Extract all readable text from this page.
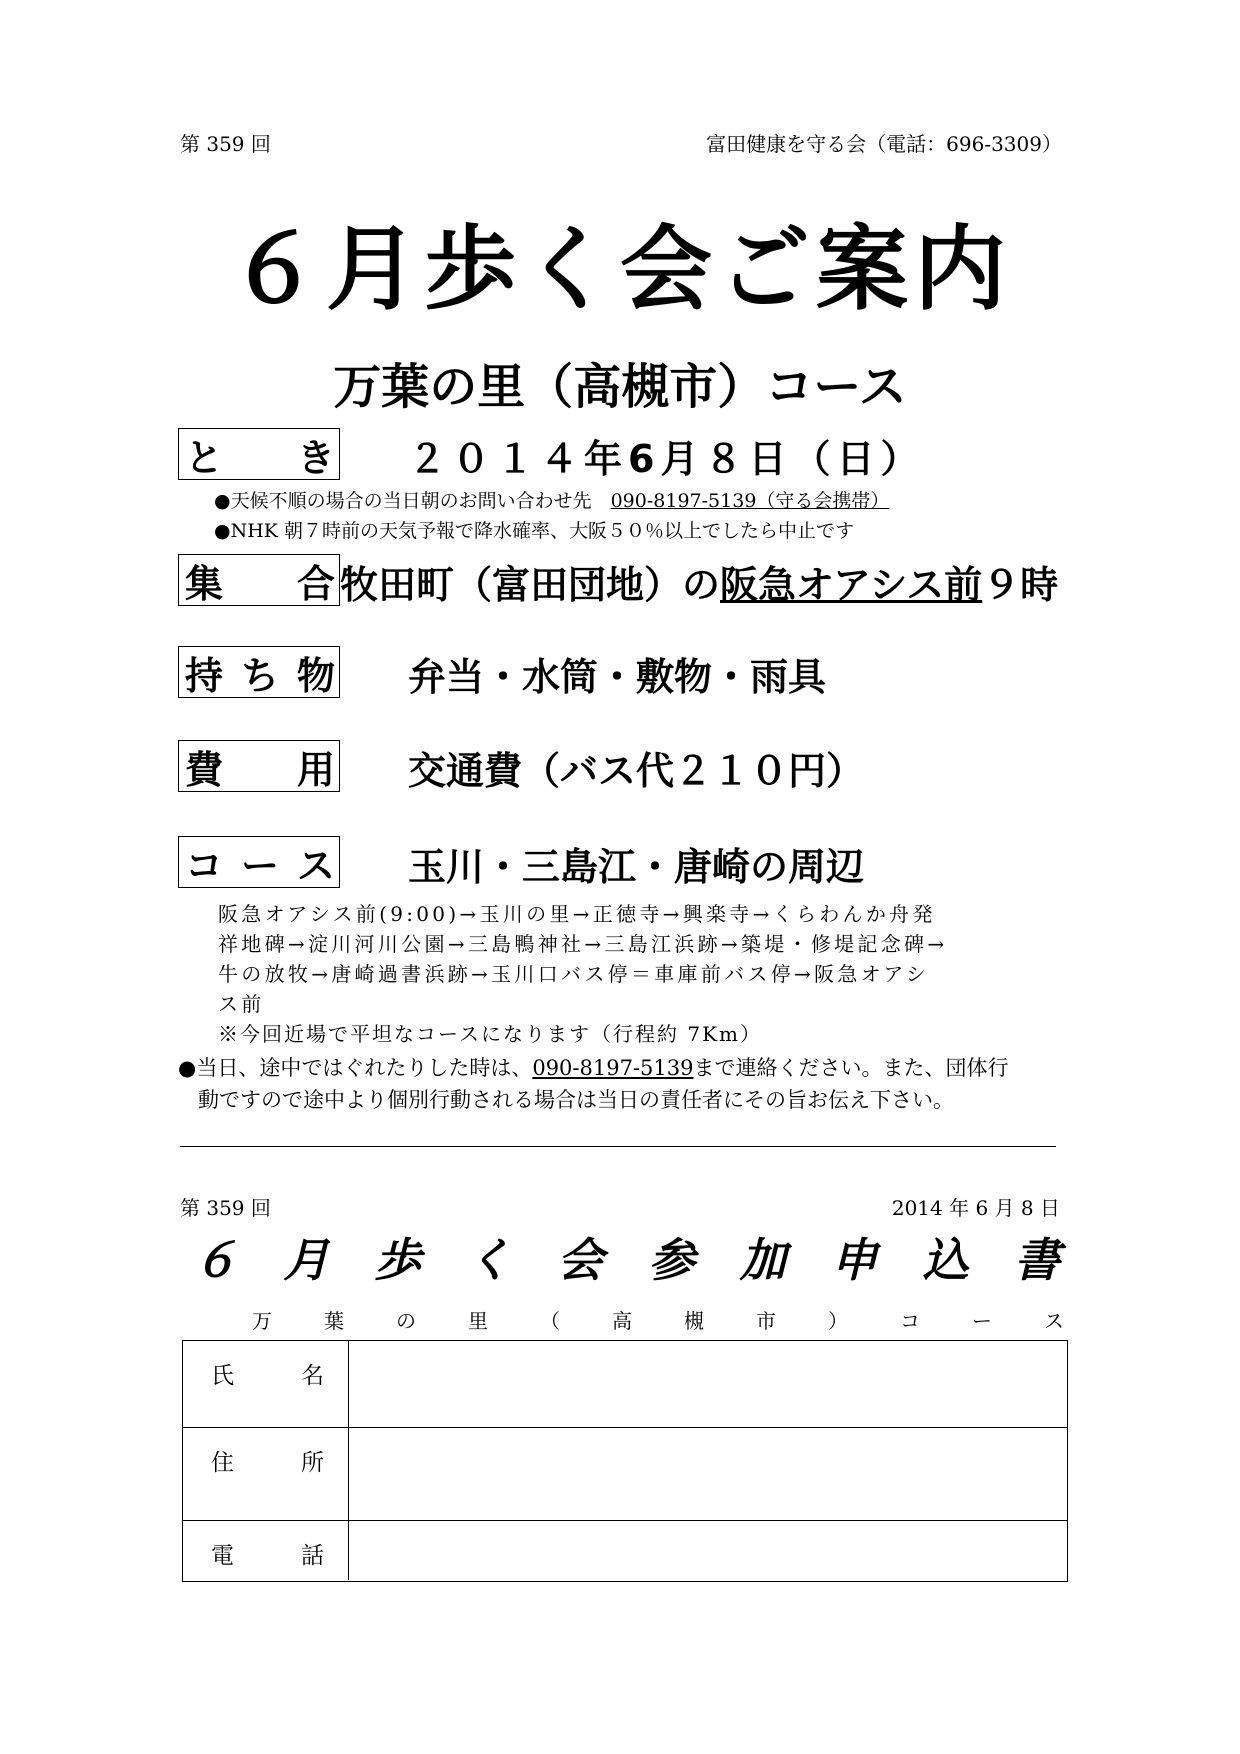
第 359 回	富田健康を守る会（電話：696-3309）
６月歩く会ご案内
万葉の里（高槻市）コース
と き ２０１４年6月８日（日）
●天候不順の場合の当日朝のお問い合わせ先　090-8197-5139（守る会携帯）
●NHK 朝７時前の天気予報で降水確率、大阪５０％以上でしたら中止です
集 合 牧田町（富田団地）の阪急オアシス前９時
持 ち 物 弁当・水筒・敷物・雨具
費 用 交通費（バス代２１０円）
コ ー ス 玉川・三島江・唐崎の周辺
阪急オアシス前(9:00)→玉川の里→正徳寺→興楽寺→くらわんか舟発
祥地碑→淀川河川公園→三島鴨神社→三島江浜跡→築堤・修堤記念碑→
牛の放牧→唐崎過書浜跡→玉川口バス停＝車庫前バス停→阪急オアシ
ス前
※今回近場で平坦なコースになります（行程約 7Km）
●当日、途中ではぐれたりした時は、090-8197-5139まで連絡ください。また、団体行
動ですので途中より個別行動される場合は当日の責任者にその旨お伝え下さい。
第 359 回	2014 年 6 月 8 日
６ 月 歩 く 会 参 加 申 込 書
万	葉	の	里	（	高	槻	市	）	コ	ー	ス
氏	名
住	所
電	話
